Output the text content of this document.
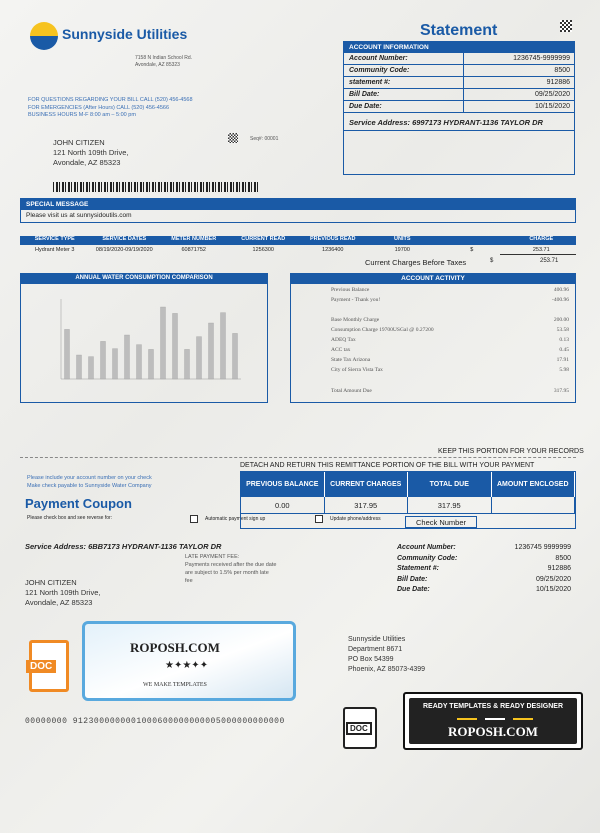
Sunnyside Utilities
7158 N Indian School Rd.
Avondale, AZ 85323
FOR QUESTIONS REGARDING YOUR BILL CALL (520) 456-4568
FOR EMERGENCIES (After Hours) CALL (520) 456-4566
BUSINESS HOURS M-F 8:00 am – 5:00 pm
Seq#: 00001
JOHN CITIZEN
121 North 109th Drive,
Avondale, AZ 85323
Statement
ACCOUNT INFORMATION
Account Number:	1236745-9999999
Community Code:	8500
statement #:	912886
Bill Date:	09/25/2020
Due Date:	10/15/2020
Service Address: 6997173 HYDRANT-1136 TAYLOR DR
SPECIAL MESSAGE
Please visit us at sunnysidoutils.com
SERVICE TYPE	SERVICE DATES	METER NUMBER	CURRENT READ	PREVIOUS READ	UNITS	CHARGE
Hydrant Meter 3	08/19/2020-09/19/2020	60871752	1256300	1236400	19700	$	253.71
Current Charges Before Taxes	$	253.71
ANNUAL WATER CONSUMPTION COMPARISON	ACCOUNT ACTIVITY
Previous Balance	400.96
Payment - Thank you!	-400.96
Base Monthly Charge	200.00
Consumption Charge 19700USGal @ 0.27200	53.58
ADEQ Tax	0.13
ACC tax	0.45
State Tax Arizona	17.91
City of Sierra Vista Tax	5.98
Total Amount Due	317.95
KEEP THIS PORTION FOR YOUR RECORDS
DETACH AND RETURN THIS REMITTANCE PORTION OF THE BILL WITH YOUR PAYMENT
Please include your account number on your check
Make check payable to Sunnyside Water Company
Payment Coupon
Please check box and see reverse for:	Automatic payment sign up	Update phone/address
PREVIOUS BALANCE	CURRENT CHARGES	TOTAL DUE	AMOUNT ENCLOSED
0.00	317.95	317.95
Check Number
Service Address: 6BB7173 HYDRANT-1136 TAYLOR DR
LATE PAYMENT FEE:
Payments received after the due date
are subject to 1.5% per month late
fee
JOHN CITIZEN
121 North 109th Drive,
Avondale, AZ 85323
Account Number:	1236745 9999999
Community Code:	8500
Statement #:	912886
Bill Date:	09/25/2020
Due Date:	10/15/2020
DOC
ROPOSH.COM
★✦★✦✦
WE MAKE TEMPLATES
Sunnyside Utilities
Department 8671
PO Box 54399
Phoenix, AZ 85073-4399
00000000 9123000000001000600000000005000000000000
DOC
READY TEMPLATES & READY DESIGNER
ROPOSH.COM
